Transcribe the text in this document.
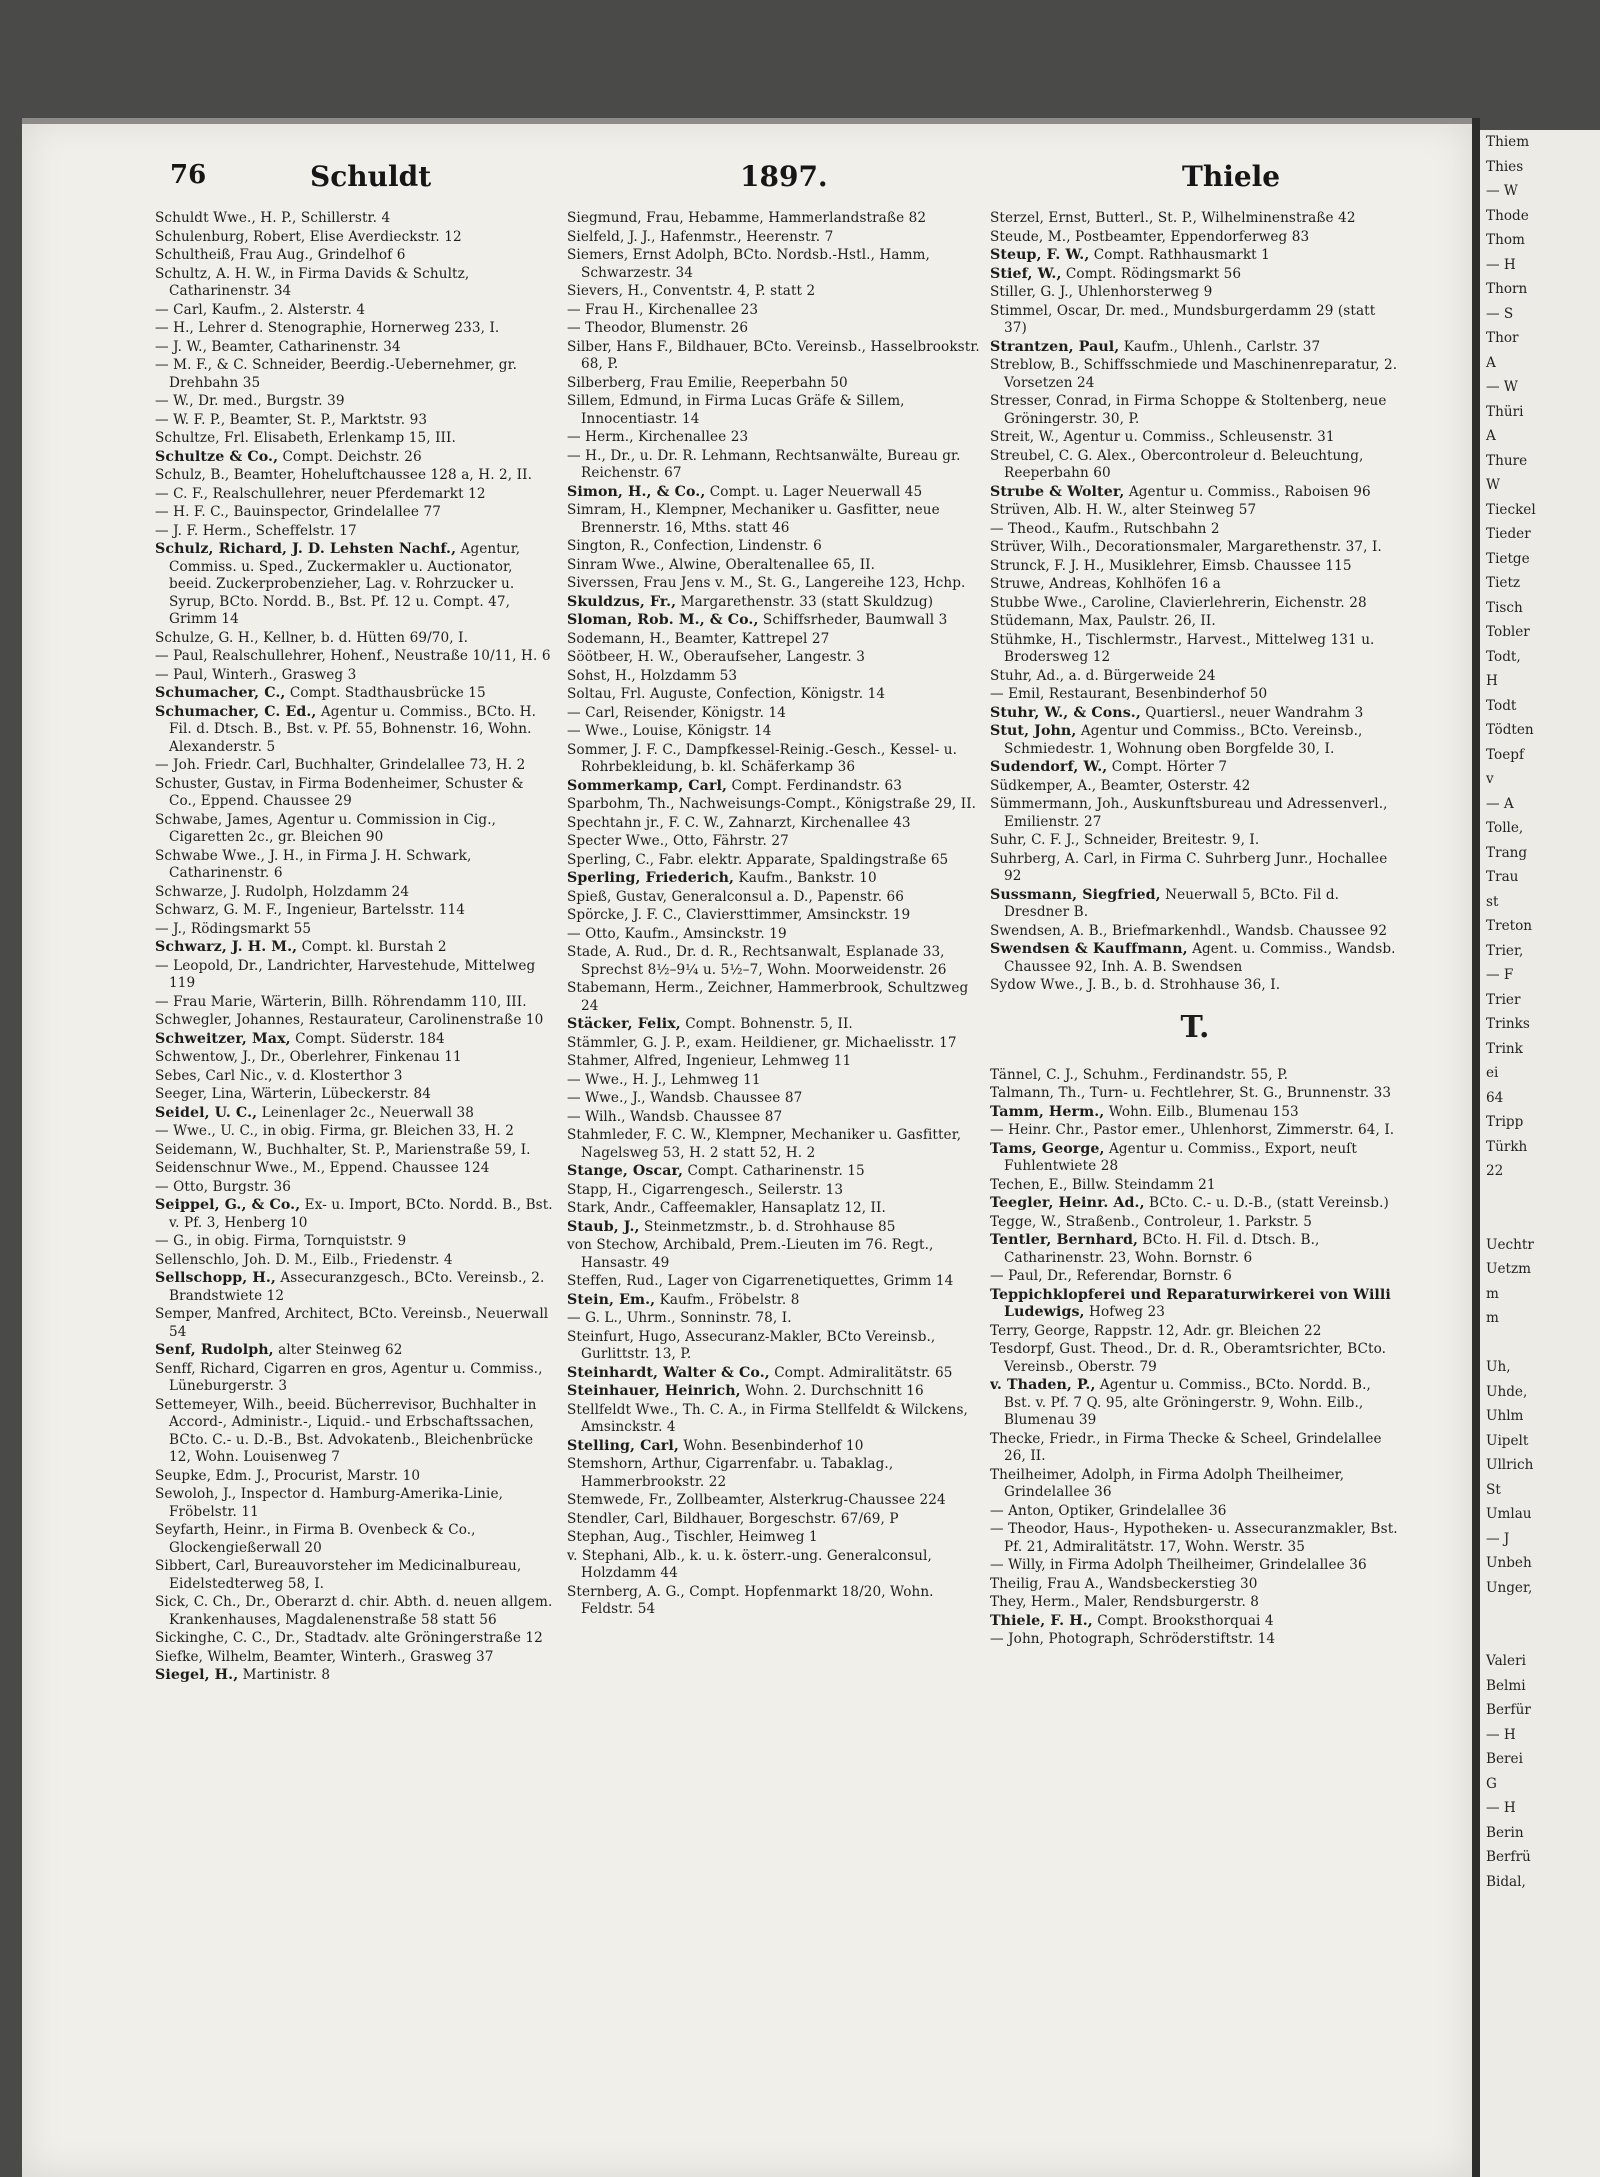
Thiem
Thies
— W
Thode
Thom
— H
Thorn
— S
Thor
A
— W
Thüri
A
Thure
W
Tieckel
Tieder
Tietge
Tietz
Tisch
Tobler
Todt,
H
Todt
Tödten
Toepf
v
— A
Tolle,
Trang
Trau
st
Treton
Trier,
— F
Trier
Trinks
Trink
ei
64
Tripp
Türkh
22

Uechtr
Uetzm
m
m

Uh,
Uhde,
Uhlm
Uipelt
Ullrich
St
Umlau
— J
Unbeh
Unger,

Valeri
Belmi
Berfür
— H
Berei
G
— H
Berin
Berfrü
Bidal,
76	Schuldt	1897.	Thiele
Schuldt Wwe., H. P., Schillerstr. 4
Schulenburg, Robert, Elise Averdieckstr. 12
Schultheiß, Frau Aug., Grindelhof 6
Schultz, A. H. W., in Firma Davids & Schultz, Catharinenstr. 34
— Carl, Kaufm., 2. Alsterstr. 4
— H., Lehrer d. Stenographie, Hornerweg 233, I.
— J. W., Beamter, Catharinenstr. 34
— M. F., & C. Schneider, Beerdig.-Uebernehmer, gr. Drehbahn 35
— W., Dr. med., Burgstr. 39
— W. F. P., Beamter, St. P., Marktstr. 93
Schultze, Frl. Elisabeth, Erlenkamp 15, III.
Schultze & Co., Compt. Deichstr. 26
Schulz, B., Beamter, Hoheluftchaussee 128 a, H. 2, II.
— C. F., Realschullehrer, neuer Pferdemarkt 12
— H. F. C., Bauinspector, Grindelallee 77
— J. F. Herm., Scheffelstr. 17
Schulz, Richard, J. D. Lehsten Nachf., Agentur, Commiss. u. Sped., Zuckermakler u. Auctionator, beeid. Zuckerprobenzieher, Lag. v. Rohrzucker u. Syrup, BCto. Nordd. B., Bst. Pf. 12 u. Compt. 47, Grimm 14
Schulze, G. H., Kellner, b. d. Hütten 69/70, I.
— Paul, Realschullehrer, Hohenf., Neustraße 10/11, H. 6
— Paul, Winterh., Grasweg 3
Schumacher, C., Compt. Stadthausbrücke 15
Schumacher, C. Ed., Agentur u. Commiss., BCto. H. Fil. d. Dtsch. B., Bst. v. Pf. 55, Bohnenstr. 16, Wohn. Alexanderstr. 5
— Joh. Friedr. Carl, Buchhalter, Grindelallee 73, H. 2
Schuster, Gustav, in Firma Bodenheimer, Schuster & Co., Eppend. Chaussee 29
Schwabe, James, Agentur u. Commission in Cig., Cigaretten 2c., gr. Bleichen 90
Schwabe Wwe., J. H., in Firma J. H. Schwark, Catharinenstr. 6
Schwarze, J. Rudolph, Holzdamm 24
Schwarz, G. M. F., Ingenieur, Bartelsstr. 114
— J., Rödingsmarkt 55
Schwarz, J. H. M., Compt. kl. Burstah 2
— Leopold, Dr., Landrichter, Harvestehude, Mittelweg 119
— Frau Marie, Wärterin, Billh. Röhrendamm 110, III.
Schwegler, Johannes, Restaurateur, Carolinenstraße 10
Schweitzer, Max, Compt. Süderstr. 184
Schwentow, J., Dr., Oberlehrer, Finkenau 11
Sebes, Carl Nic., v. d. Klosterthor 3
Seeger, Lina, Wärterin, Lübeckerstr. 84
Seidel, U. C., Leinenlager 2c., Neuerwall 38
— Wwe., U. C., in obig. Firma, gr. Bleichen 33, H. 2
Seidemann, W., Buchhalter, St. P., Marienstraße 59, I.
Seidenschnur Wwe., M., Eppend. Chaussee 124
— Otto, Burgstr. 36
Seippel, G., & Co., Ex- u. Import, BCto. Nordd. B., Bst. v. Pf. 3, Henberg 10
— G., in obig. Firma, Tornquiststr. 9
Sellenschlo, Joh. D. M., Eilb., Friedenstr. 4
Sellschopp, H., Assecuranzgesch., BCto. Vereinsb., 2. Brandstwiete 12
Semper, Manfred, Architect, BCto. Vereinsb., Neuerwall 54
Senf, Rudolph, alter Steinweg 62
Senff, Richard, Cigarren en gros, Agentur u. Commiss., Lüneburgerstr. 3
Settemeyer, Wilh., beeid. Bücherrevisor, Buchhalter in Accord-, Administr.-, Liquid.- und Erbschaftssachen, BCto. C.- u. D.-B., Bst. Advokatenb., Bleichenbrücke 12, Wohn. Louisenweg 7
Seupke, Edm. J., Procurist, Marstr. 10
Sewoloh, J., Inspector d. Hamburg-Amerika-Linie, Fröbelstr. 11
Seyfarth, Heinr., in Firma B. Ovenbeck & Co., Glockengießerwall 20
Sibbert, Carl, Bureauvorsteher im Medicinalbureau, Eidelstedterweg 58, I.
Sick, C. Ch., Dr., Oberarzt d. chir. Abth. d. neuen allgem. Krankenhauses, Magdalenenstraße 58 statt 56
Sickinghe, C. C., Dr., Stadtadv. alte Gröningerstraße 12
Siefke, Wilhelm, Beamter, Winterh., Grasweg 37
Siegel, H., Martinistr. 8
Siegmund, Frau, Hebamme, Hammerlandstraße 82
Sielfeld, J. J., Hafenmstr., Heerenstr. 7
Siemers, Ernst Adolph, BCto. Nordsb.-Hstl., Hamm, Schwarzestr. 34
Sievers, H., Conventstr. 4, P. statt 2
— Frau H., Kirchenallee 23
— Theodor, Blumenstr. 26
Silber, Hans F., Bildhauer, BCto. Vereinsb., Hasselbrookstr. 68, P.
Silberberg, Frau Emilie, Reeperbahn 50
Sillem, Edmund, in Firma Lucas Gräfe & Sillem, Innocentiastr. 14
— Herm., Kirchenallee 23
— H., Dr., u. Dr. R. Lehmann, Rechtsanwälte, Bureau gr. Reichenstr. 67
Simon, H., & Co., Compt. u. Lager Neuerwall 45
Simram, H., Klempner, Mechaniker u. Gasfitter, neue Brennerstr. 16, Mths. statt 46
Sington, R., Confection, Lindenstr. 6
Sinram Wwe., Alwine, Oberaltenallee 65, II.
Siverssen, Frau Jens v. M., St. G., Langereihe 123, Hchp.
Skuldzus, Fr., Margarethenstr. 33 (statt Skuldzug)
Sloman, Rob. M., & Co., Schiffsrheder, Baumwall 3
Sodemann, H., Beamter, Kattrepel 27
Söötbeer, H. W., Oberaufseher, Langestr. 3
Sohst, H., Holzdamm 53
Soltau, Frl. Auguste, Confection, Königstr. 14
— Carl, Reisender, Königstr. 14
— Wwe., Louise, Königstr. 14
Sommer, J. F. C., Dampfkessel-Reinig.-Gesch., Kessel- u. Rohrbekleidung, b. kl. Schäferkamp 36
Sommerkamp, Carl, Compt. Ferdinandstr. 63
Sparbohm, Th., Nachweisungs-Compt., Königstraße 29, II.
Spechtahn jr., F. C. W., Zahnarzt, Kirchenallee 43
Specter Wwe., Otto, Fährstr. 27
Sperling, C., Fabr. elektr. Apparate, Spaldingstraße 65
Sperling, Friederich, Kaufm., Bankstr. 10
Spieß, Gustav, Generalconsul a. D., Papenstr. 66
Spörcke, J. F. C., Claviersttimmer, Amsinckstr. 19
— Otto, Kaufm., Amsinckstr. 19
Stade, A. Rud., Dr. d. R., Rechtsanwalt, Esplanade 33, Sprechst 8½–9¼ u. 5½–7, Wohn. Moorweidenstr. 26
Stabemann, Herm., Zeichner, Hammerbrook, Schultzweg 24
Stäcker, Felix, Compt. Bohnenstr. 5, II.
Stämmler, G. J. P., exam. Heildiener, gr. Michaelisstr. 17
Stahmer, Alfred, Ingenieur, Lehmweg 11
— Wwe., H. J., Lehmweg 11
— Wwe., J., Wandsb. Chaussee 87
— Wilh., Wandsb. Chaussee 87
Stahmleder, F. C. W., Klempner, Mechaniker u. Gasfitter, Nagelsweg 53, H. 2 statt 52, H. 2
Stange, Oscar, Compt. Catharinenstr. 15
Stapp, H., Cigarrengesch., Seilerstr. 13
Stark, Andr., Caffeemakler, Hansaplatz 12, II.
Staub, J., Steinmetzmstr., b. d. Strohhause 85
von Stechow, Archibald, Prem.-Lieuten im 76. Regt., Hansastr. 49
Steffen, Rud., Lager von Cigarrenetiquettes, Grimm 14
Stein, Em., Kaufm., Fröbelstr. 8
— G. L., Uhrm., Sonninstr. 78, I.
Steinfurt, Hugo, Assecuranz-Makler, BCto Vereinsb., Gurlittstr. 13, P.
Steinhardt, Walter & Co., Compt. Admiralitätstr. 65
Steinhauer, Heinrich, Wohn. 2. Durchschnitt 16
Stellfeldt Wwe., Th. C. A., in Firma Stellfeldt & Wilckens, Amsinckstr. 4
Stelling, Carl, Wohn. Besenbinderhof 10
Stemshorn, Arthur, Cigarrenfabr. u. Tabaklag., Hammerbrookstr. 22
Stemwede, Fr., Zollbeamter, Alsterkrug-Chaussee 224
Stendler, Carl, Bildhauer, Borgeschstr. 67/69, P
Stephan, Aug., Tischler, Heimweg 1
v. Stephani, Alb., k. u. k. österr.-ung. Generalconsul, Holzdamm 44
Sternberg, A. G., Compt. Hopfenmarkt 18/20, Wohn. Feldstr. 54
Sterzel, Ernst, Butterl., St. P., Wilhelminenstraße 42
Steude, M., Postbeamter, Eppendorferweg 83
Steup, F. W., Compt. Rathhausmarkt 1
Stief, W., Compt. Rödingsmarkt 56
Stiller, G. J., Uhlenhorsterweg 9
Stimmel, Oscar, Dr. med., Mundsburgerdamm 29 (statt 37)
Strantzen, Paul, Kaufm., Uhlenh., Carlstr. 37
Streblow, B., Schiffsschmiede und Maschinenreparatur, 2. Vorsetzen 24
Stresser, Conrad, in Firma Schoppe & Stoltenberg, neue Gröningerstr. 30, P.
Streit, W., Agentur u. Commiss., Schleusenstr. 31
Streubel, C. G. Alex., Obercontroleur d. Beleuchtung, Reeperbahn 60
Strube & Wolter, Agentur u. Commiss., Raboisen 96
Strüven, Alb. H. W., alter Steinweg 57
— Theod., Kaufm., Rutschbahn 2
Strüver, Wilh., Decorationsmaler, Margarethenstr. 37, I.
Strunck, F. J. H., Musiklehrer, Eimsb. Chaussee 115
Struwe, Andreas, Kohlhöfen 16 a
Stubbe Wwe., Caroline, Clavierlehrerin, Eichenstr. 28
Stüdemann, Max, Paulstr. 26, II.
Stühmke, H., Tischlermstr., Harvest., Mittelweg 131 u. Brodersweg 12
Stuhr, Ad., a. d. Bürgerweide 24
— Emil, Restaurant, Besenbinderhof 50
Stuhr, W., & Cons., Quartiersl., neuer Wandrahm 3
Stut, John, Agentur und Commiss., BCto. Vereinsb., Schmiedestr. 1, Wohnung oben Borgfelde 30, I.
Sudendorf, W., Compt. Hörter 7
Südkemper, A., Beamter, Osterstr. 42
Sümmermann, Joh., Auskunftsbureau und Adressenverl., Emilienstr. 27
Suhr, C. F. J., Schneider, Breitestr. 9, I.
Suhrberg, A. Carl, in Firma C. Suhrberg Junr., Hochallee 92
Sussmann, Siegfried, Neuerwall 5, BCto. Fil d. Dresdner B.
Swendsen, A. B., Briefmarkenhdl., Wandsb. Chaussee 92
Swendsen & Kauffmann, Agent. u. Commiss., Wandsb. Chaussee 92, Inh. A. B. Swendsen
Sydow Wwe., J. B., b. d. Strohhause 36, I.
T.
Tännel, C. J., Schuhm., Ferdinandstr. 55, P.
Talmann, Th., Turn- u. Fechtlehrer, St. G., Brunnenstr. 33
Tamm, Herm., Wohn. Eilb., Blumenau 153
— Heinr. Chr., Pastor emer., Uhlenhorst, Zimmerstr. 64, I.
Tams, George, Agentur u. Commiss., Export, neuſt Fuhlentwiete 28
Techen, E., Billw. Steindamm 21
Teegler, Heinr. Ad., BCto. C.- u. D.-B., (statt Vereinsb.)
Tegge, W., Straßenb., Controleur, 1. Parkstr. 5
Tentler, Bernhard, BCto. H. Fil. d. Dtsch. B., Catharinenstr. 23, Wohn. Bornstr. 6
— Paul, Dr., Referendar, Bornstr. 6
Teppichklopferei und Reparaturwirkerei von Willi Ludewigs, Hofweg 23
Terry, George, Rappstr. 12, Adr. gr. Bleichen 22
Tesdorpf, Gust. Theod., Dr. d. R., Oberamtsrichter, BCto. Vereinsb., Oberstr. 79
v. Thaden, P., Agentur u. Commiss., BCto. Nordd. B., Bst. v. Pf. 7 Q. 95, alte Gröningerstr. 9, Wohn. Eilb., Blumenau 39
Thecke, Friedr., in Firma Thecke & Scheel, Grindelallee 26, II.
Theilheimer, Adolph, in Firma Adolph Theilheimer, Grindelallee 36
— Anton, Optiker, Grindelallee 36
— Theodor, Haus-, Hypotheken- u. Assecuranzmakler, Bst. Pf. 21, Admiralitätstr. 17, Wohn. Werstr. 35
— Willy, in Firma Adolph Theilheimer, Grindelallee 36
Theilig, Frau A., Wandsbeckerstieg 30
They, Herm., Maler, Rendsburgerstr. 8
Thiele, F. H., Compt. Brooksthorquai 4
— John, Photograph, Schröderstiftstr. 14
